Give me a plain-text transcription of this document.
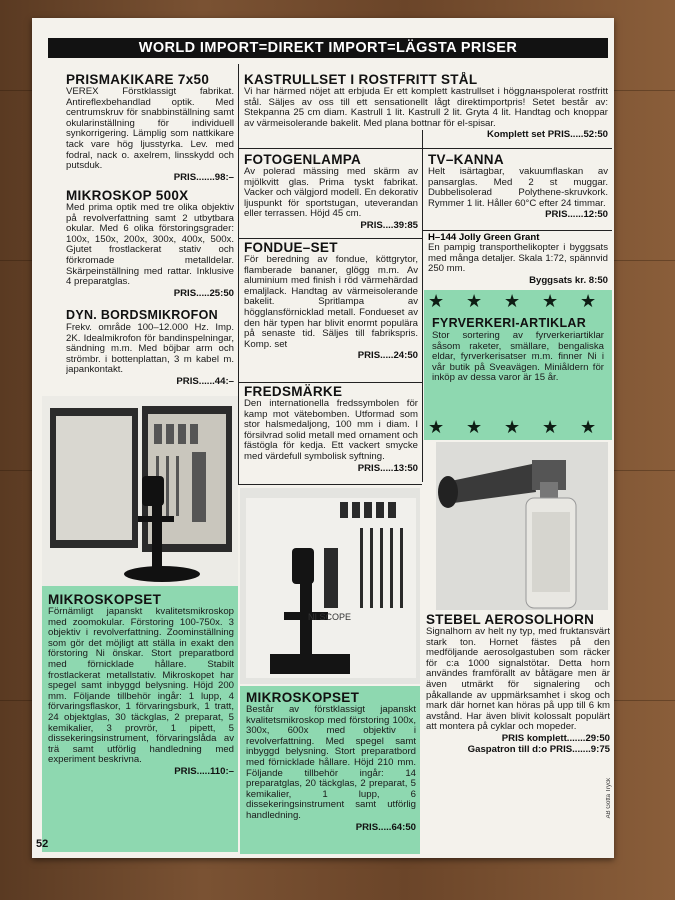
WORLD IMPORT=DIREKT IMPORT=LÄGSTA PRISER
PRISMAKIKARE 7x50

VEREX Förstklassigt fabrikat. Antireflexbehandlad optik. Med centrumskruv för snabbinställning samt okularinställning för individuell synkorrigering. Lämplig som nattkikare tack vare hög ljusstyrka. Lev. med fodral, nack o. axelrem, linsskydd och putsduk.

PRIS.......98:–
MIKROSKOP 500X

Med prima optik med tre olika objektiv på revolverfattning samt 2 utbytbara okular. Med 6 olika förstoringsgrader: 100x, 150x, 200x, 300x, 400x, 500x. Gjutet frostlackerat stativ och förkromade metalldelar. Skärpeinställning med rattar. Inklusive 4 preparatglas.

PRIS.....25:50
DYN. BORDSMIKROFON

Frekv. område 100–12.000 Hz. Imp. 2K. Idealmikrofon för bandinspelningar, sändning m.m. Med böjbar arm och strömbr. i bottenplattan, 3 m kabel m. japankontakt.

PRIS......44:–
KASTRULLSET I ROSTFRITT STÅL

Vi har härmed nöjet att erbjuda Er ett komplett kastrullset i höggланspolerat rostfritt stål. Säljes av oss till ett sensationellt lågt direktimportpris! Setet består av: Stekpanna 25 cm diam. Kastrull 1 lit. Kastrull 2 lit. Gryta 4 lit. Handtag och knoppar av värmeisolerande bakelit. Med plana bottnar för el-spisar.

Komplett set PRIS.....52:50
FOTOGENLAMPA

Av polerad mässing med skärm av mjölkvitt glas. Prima tyskt fabrikat. Vacker och välgjord modell. En dekorativ ljuspunkt för sportstugan, uteverandan eller terrassen. Höjd 45 cm.

PRIS....39:85
TV–KANNA

Helt isärtagbar, vakuumflaskan av pansarglas. Med 2 st muggar. Dubbelisolerad Polythene-skruvkork. Rymmer 1 lit. Håller 60°C efter 24 timmar.

PRIS......12:50
H–144 Jolly Green Grant

En pampig transporthelikopter i byggsats med många detaljer. Skala 1:72, spännvid 250 mm.

Byggsats kr. 8:50
FONDUE–SET

För beredning av fondue, köttgrytor, flamberade bananer, glögg m.m. Av aluminium med finish i röd värmehärdad emaljlack. Handtag av värmeisolerande bakelit. Spritlampa av högglansförnicklad metall. Fondueset av den här typen har blivit enormt populära på senaste tid. Säljes till fabrikspris. Komp. set

PRIS.....24:50
★ ★ ★ ★ ★
FYRVERKERI-ARTIKLAR

Stor sortering av fyrverkeriartiklar såsom raketer, smällare, bengaliska eldar, fyrverkerisatser m.m. finner Ni i vår butik på Sveavägen. Miniåldern för inköp av dessa varor är 15 år.

★ ★ ★ ★ ★
FREDSMÄRKE

Den internationella fredssymbolen för kamp mot vätebomben. Utformad som stor halsmedaljong, 100 mm i diam. I försilvrad solid metall med ornament och fästögla för kedja. Ett vackert smycke med värdefull symbolisk syftning.

PRIS.....13:50
MIKROSKOPSET

Förnämligt japanskt kvalitetsmikroskop med zoomokular. Förstoring 100-750x. 3 objektiv i revolverfattning. Zoominställning som gör det möjligt att ställa in exakt den förstoring Ni önskar. Stort preparatbord med förnicklade hållare. Stabilt frostlackerat metallstativ. Mikroskopet har spegel samt inbyggd belysning. Höjd 200 mm. Följande tillbehör ingår: 1 lupp, 4 förvaringsflaskor, 1 förvaringsburk, 1 tratt, 24 objektglas, 30 täckglas, 2 preparat, 5 kemikalier, 3 provrör, 1 pipett, 5 dissekeringsinstrument, förvaringslåda av trä samt utförlig handledning med experiment beskrivna.

PRIS.....110:–
NI SCOPE
MIKROSKOPSET

Består av förstklassigt japanskt kvalitetsmikroskop med förstoring 100x, 300x, 600x med objektiv i revolverfattning. Med spegel samt inbyggd belysning. Stort preparatbord med förnicklade hållare. Höjd 210 mm. Följande tillbehör ingår: 14 preparatglas, 20 täckglas, 2 preparat, 5 kemikalier, 1 lupp, 6 dissekeringsinstrument samt utförlig handledning.

PRIS.....64:50
STEBEL AEROSOLHORN

Signalhorn av helt ny typ, med fruktansvärt stark ton. Hornet fästes på den medföljande aerosolgastuben som räcker för c:a 1000 signalstötar. Detta horn användes framförallt av båtägare men är även utmärkt för signalering och påkallande av uppmärksamhet i skog och mark där hornet kan höras på upp till 6 km avstånd. Har även blivit kolossalt populärt att montera på cyklar och mopeder.

PRIS komplett.......29:50
Gaspatron till d:o PRIS.......9:75
52
AB Gotta Tryck
